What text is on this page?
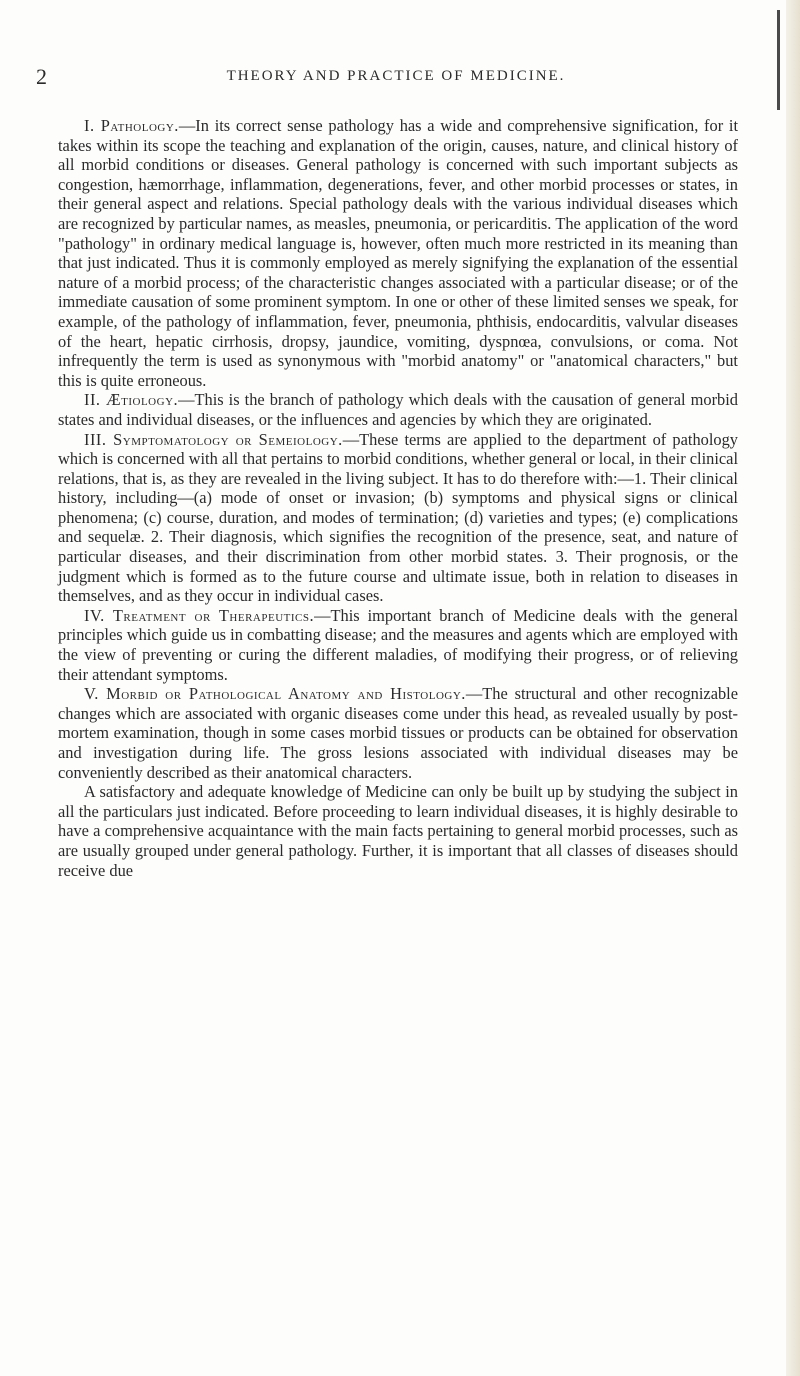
2	THEORY AND PRACTICE OF MEDICINE.

I. Pathology.—In its correct sense pathology has a wide and comprehensive signification, for it takes within its scope the teaching and explanation of the origin, causes, nature, and clinical history of all morbid conditions or diseases. General pathology is concerned with such important subjects as congestion, hæmorrhage, inflammation, degenerations, fever, and other morbid processes or states, in their general aspect and relations. Special pathology deals with the various individual diseases which are recognized by particular names, as measles, pneumonia, or pericarditis. The application of the word "pathology" in ordinary medical language is, however, often much more restricted in its meaning than that just indicated. Thus it is commonly employed as merely signifying the explanation of the essential nature of a morbid process; of the characteristic changes associated with a particular disease; or of the immediate causation of some prominent symptom. In one or other of these limited senses we speak, for example, of the pathology of inflammation, fever, pneumonia, phthisis, endocarditis, valvular diseases of the heart, hepatic cirrhosis, dropsy, jaundice, vomiting, dyspnœa, convulsions, or coma. Not infrequently the term is used as synonymous with "morbid anatomy" or "anatomical characters," but this is quite erroneous.

II. Ætiology.—This is the branch of pathology which deals with the causation of general morbid states and individual diseases, or the influences and agencies by which they are originated.

III. Symptomatology or Semeiology.—These terms are applied to the department of pathology which is concerned with all that pertains to morbid conditions, whether general or local, in their clinical relations, that is, as they are revealed in the living subject. It has to do therefore with:—1. Their clinical history, including—(a) mode of onset or invasion; (b) symptoms and physical signs or clinical phenomena; (c) course, duration, and modes of termination; (d) varieties and types; (e) complications and sequelæ. 2. Their diagnosis, which signifies the recognition of the presence, seat, and nature of particular diseases, and their discrimination from other morbid states. 3. Their prognosis, or the judgment which is formed as to the future course and ultimate issue, both in relation to diseases in themselves, and as they occur in individual cases.

IV. Treatment or Therapeutics.—This important branch of Medicine deals with the general principles which guide us in combatting disease; and the measures and agents which are employed with the view of preventing or curing the different maladies, of modifying their progress, or of relieving their attendant symptoms.

V. Morbid or Pathological Anatomy and Histology.—The structural and other recognizable changes which are associated with organic diseases come under this head, as revealed usually by post-mortem examination, though in some cases morbid tissues or products can be obtained for observation and investigation during life. The gross lesions associated with individual diseases may be conveniently described as their anatomical characters.

A satisfactory and adequate knowledge of Medicine can only be built up by studying the subject in all the particulars just indicated. Before proceeding to learn individual diseases, it is highly desirable to have a comprehensive acquaintance with the main facts pertaining to general morbid processes, such as are usually grouped under general pathology. Further, it is important that all classes of diseases should receive due
